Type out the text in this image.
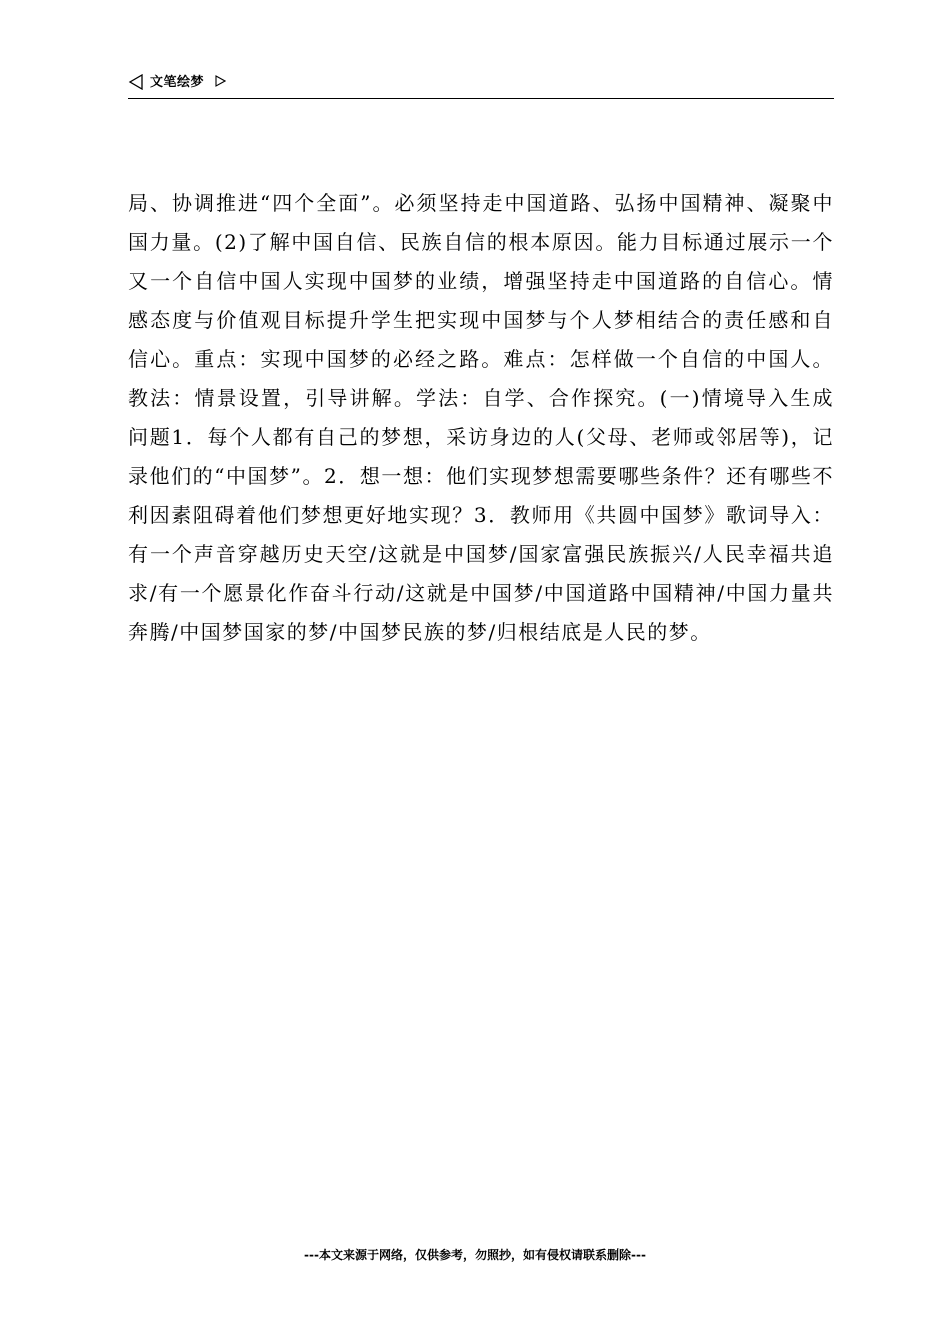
文笔绘梦

局、协调推进“四个全面”。必须坚持走中国道路、弘扬中国精神、凝聚中国力量。(2)了解中国自信、民族自信的根本原因。能力目标通过展示一个又一个自信中国人实现中国梦的业绩，增强坚持走中国道路的自信心。情感态度与价值观目标提升学生把实现中国梦与个人梦相结合的责任感和自信心。重点：实现中国梦的必经之路。难点：怎样做一个自信的中国人。教法：情景设置，引导讲解。学法：自学、合作探究。(一)情境导入生成问题1．每个人都有自己的梦想，采访身边的人(父母、老师或邻居等)，记录他们的“中国梦”。2．想一想：他们实现梦想需要哪些条件？还有哪些不利因素阻碍着他们梦想更好地实现？3．教师用《共圆中国梦》歌词导入：有一个声音穿越历史天空/这就是中国梦/国家富强民族振兴/人民幸福共追求/有一个愿景化作奋斗行动/这就是中国梦/中国道路中国精神/中国力量共奔腾/中国梦国家的梦/中国梦民族的梦/归根结底是人民的梦。

---本文来源于网络，仅供参考，勿照抄，如有侵权请联系删除---
